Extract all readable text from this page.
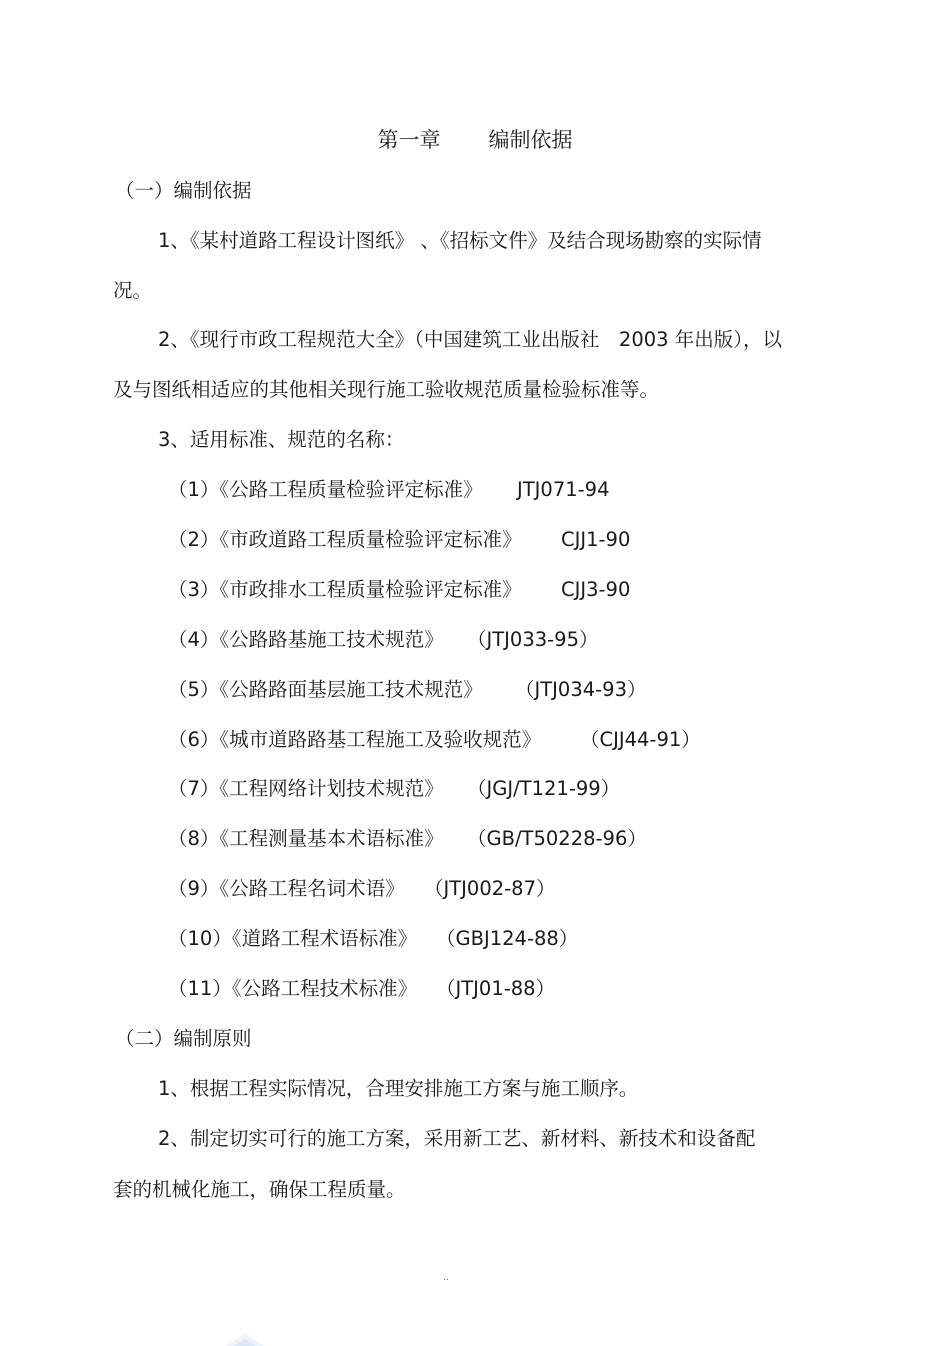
第一章 编制依据
（一）编制依据
1、《某村道路工程设计图纸》 、《招标文件》及结合现场勘察的实际情
况。
2、《现行市政工程规范大全》（中国建筑工业出版社　2003 年出版），以
及与图纸相适应的其他相关现行施工验收规范质量检验标准等。
3、适用标准、规范的名称：
（1）《公路工程质量检验评定标准》 JTJ071-94
（2）《市政道路工程质量检验评定标准》 CJJ1-90
（3）《市政排水工程质量检验评定标准》 CJJ3-90
（4）《公路路基施工技术规范》 （JTJ033-95）
（5）《公路路面基层施工技术规范》 （JTJ034-93）
（6）《城市道路路基工程施工及验收规范》 （CJJ44-91）
（7）《工程网络计划技术规范》 （JGJ/T121-99）
（8）《工程测量基本术语标准》 （GB/T50228-96）
（9）《公路工程名词术语》 （JTJ002-87）
（10）《道路工程术语标准》 （GBJ124-88）
（11）《公路工程技术标准》 （JTJ01-88）
（二）编制原则
1、根据工程实际情况，合理安排施工方案与施工顺序。
2、制定切实可行的施工方案，采用新工艺、新材料、新技术和设备配
套的机械化施工，确保工程质量。
..
